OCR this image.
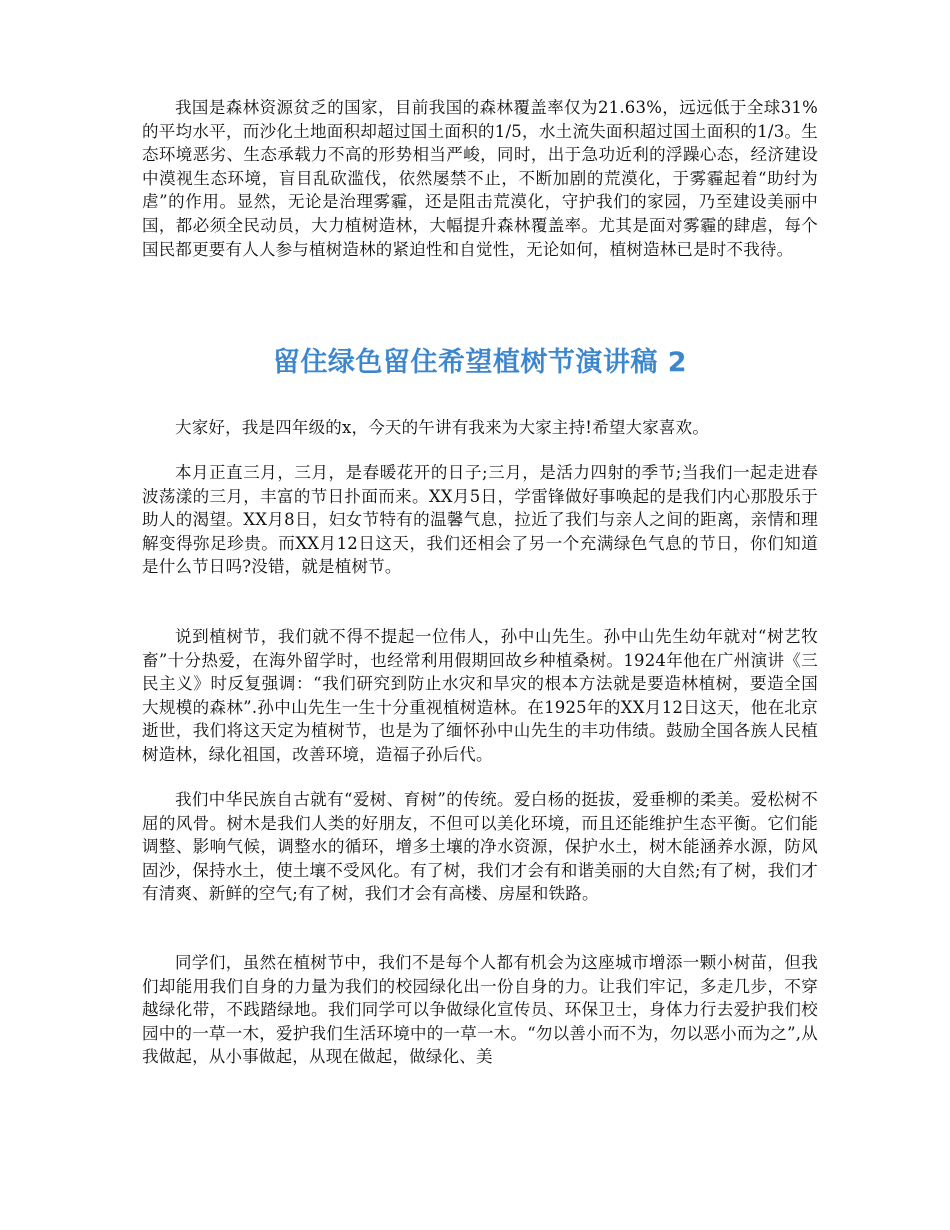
我国是森林资源贫乏的国家，目前我国的森林覆盖率仅为21.63%，远远低于全球31%的平均水平，而沙化土地面积却超过国土面积的1/5，水土流失面积超过国土面积的1/3。生态环境恶劣、生态承载力不高的形势相当严峻，同时，出于急功近利的浮躁心态，经济建设中漠视生态环境，盲目乱砍滥伐，依然屡禁不止，不断加剧的荒漠化，于雾霾起着“助纣为虐”的作用。显然，无论是治理雾霾，还是阻击荒漠化，守护我们的家园，乃至建设美丽中国，都必须全民动员，大力植树造林，大幅提升森林覆盖率。尤其是面对雾霾的肆虐，每个国民都更要有人人参与植树造林的紧迫性和自觉性，无论如何，植树造林已是时不我待。

留住绿色留住希望植树节演讲稿 2

大家好，我是四年级的x，今天的午讲有我来为大家主持!希望大家喜欢。

本月正直三月，三月，是春暖花开的日子;三月，是活力四射的季节;当我们一起走进春波荡漾的三月，丰富的节日扑面而来。XX月5日，学雷锋做好事唤起的是我们内心那股乐于助人的渴望。XX月8日，妇女节特有的温馨气息，拉近了我们与亲人之间的距离，亲情和理解变得弥足珍贵。而XX月12日这天，我们还相会了另一个充满绿色气息的节日，你们知道是什么节日吗?没错，就是植树节。

说到植树节，我们就不得不提起一位伟人，孙中山先生。孙中山先生幼年就对“树艺牧畜”十分热爱，在海外留学时，也经常利用假期回故乡种植桑树。1924年他在广州演讲《三民主义》时反复强调：“我们研究到防止水灾和旱灾的根本方法就是要造林植树，要造全国大规模的森林”.孙中山先生一生十分重视植树造林。在1925年的XX月12日这天，他在北京逝世，我们将这天定为植树节，也是为了缅怀孙中山先生的丰功伟绩。鼓励全国各族人民植树造林，绿化祖国，改善环境，造福子孙后代。

我们中华民族自古就有“爱树、育树”的传统。爱白杨的挺拔，爱垂柳的柔美。爱松树不屈的风骨。树木是我们人类的好朋友，不但可以美化环境，而且还能维护生态平衡。它们能调整、影响气候，调整水的循环，增多土壤的净水资源，保护水土，树木能涵养水源，防风固沙，保持水土，使土壤不受风化。有了树，我们才会有和谐美丽的大自然;有了树，我们才有清爽、新鲜的空气;有了树，我们才会有高楼、房屋和铁路。

同学们，虽然在植树节中，我们不是每个人都有机会为这座城市增添一颗小树苗，但我们却能用我们自身的力量为我们的校园绿化出一份自身的力。让我们牢记，多走几步，不穿越绿化带，不践踏绿地。我们同学可以争做绿化宣传员、环保卫士，身体力行去爱护我们校园中的一草一木，爱护我们生活环境中的一草一木。“勿以善小而不为，勿以恶小而为之”,从我做起，从小事做起，从现在做起，做绿化、美
